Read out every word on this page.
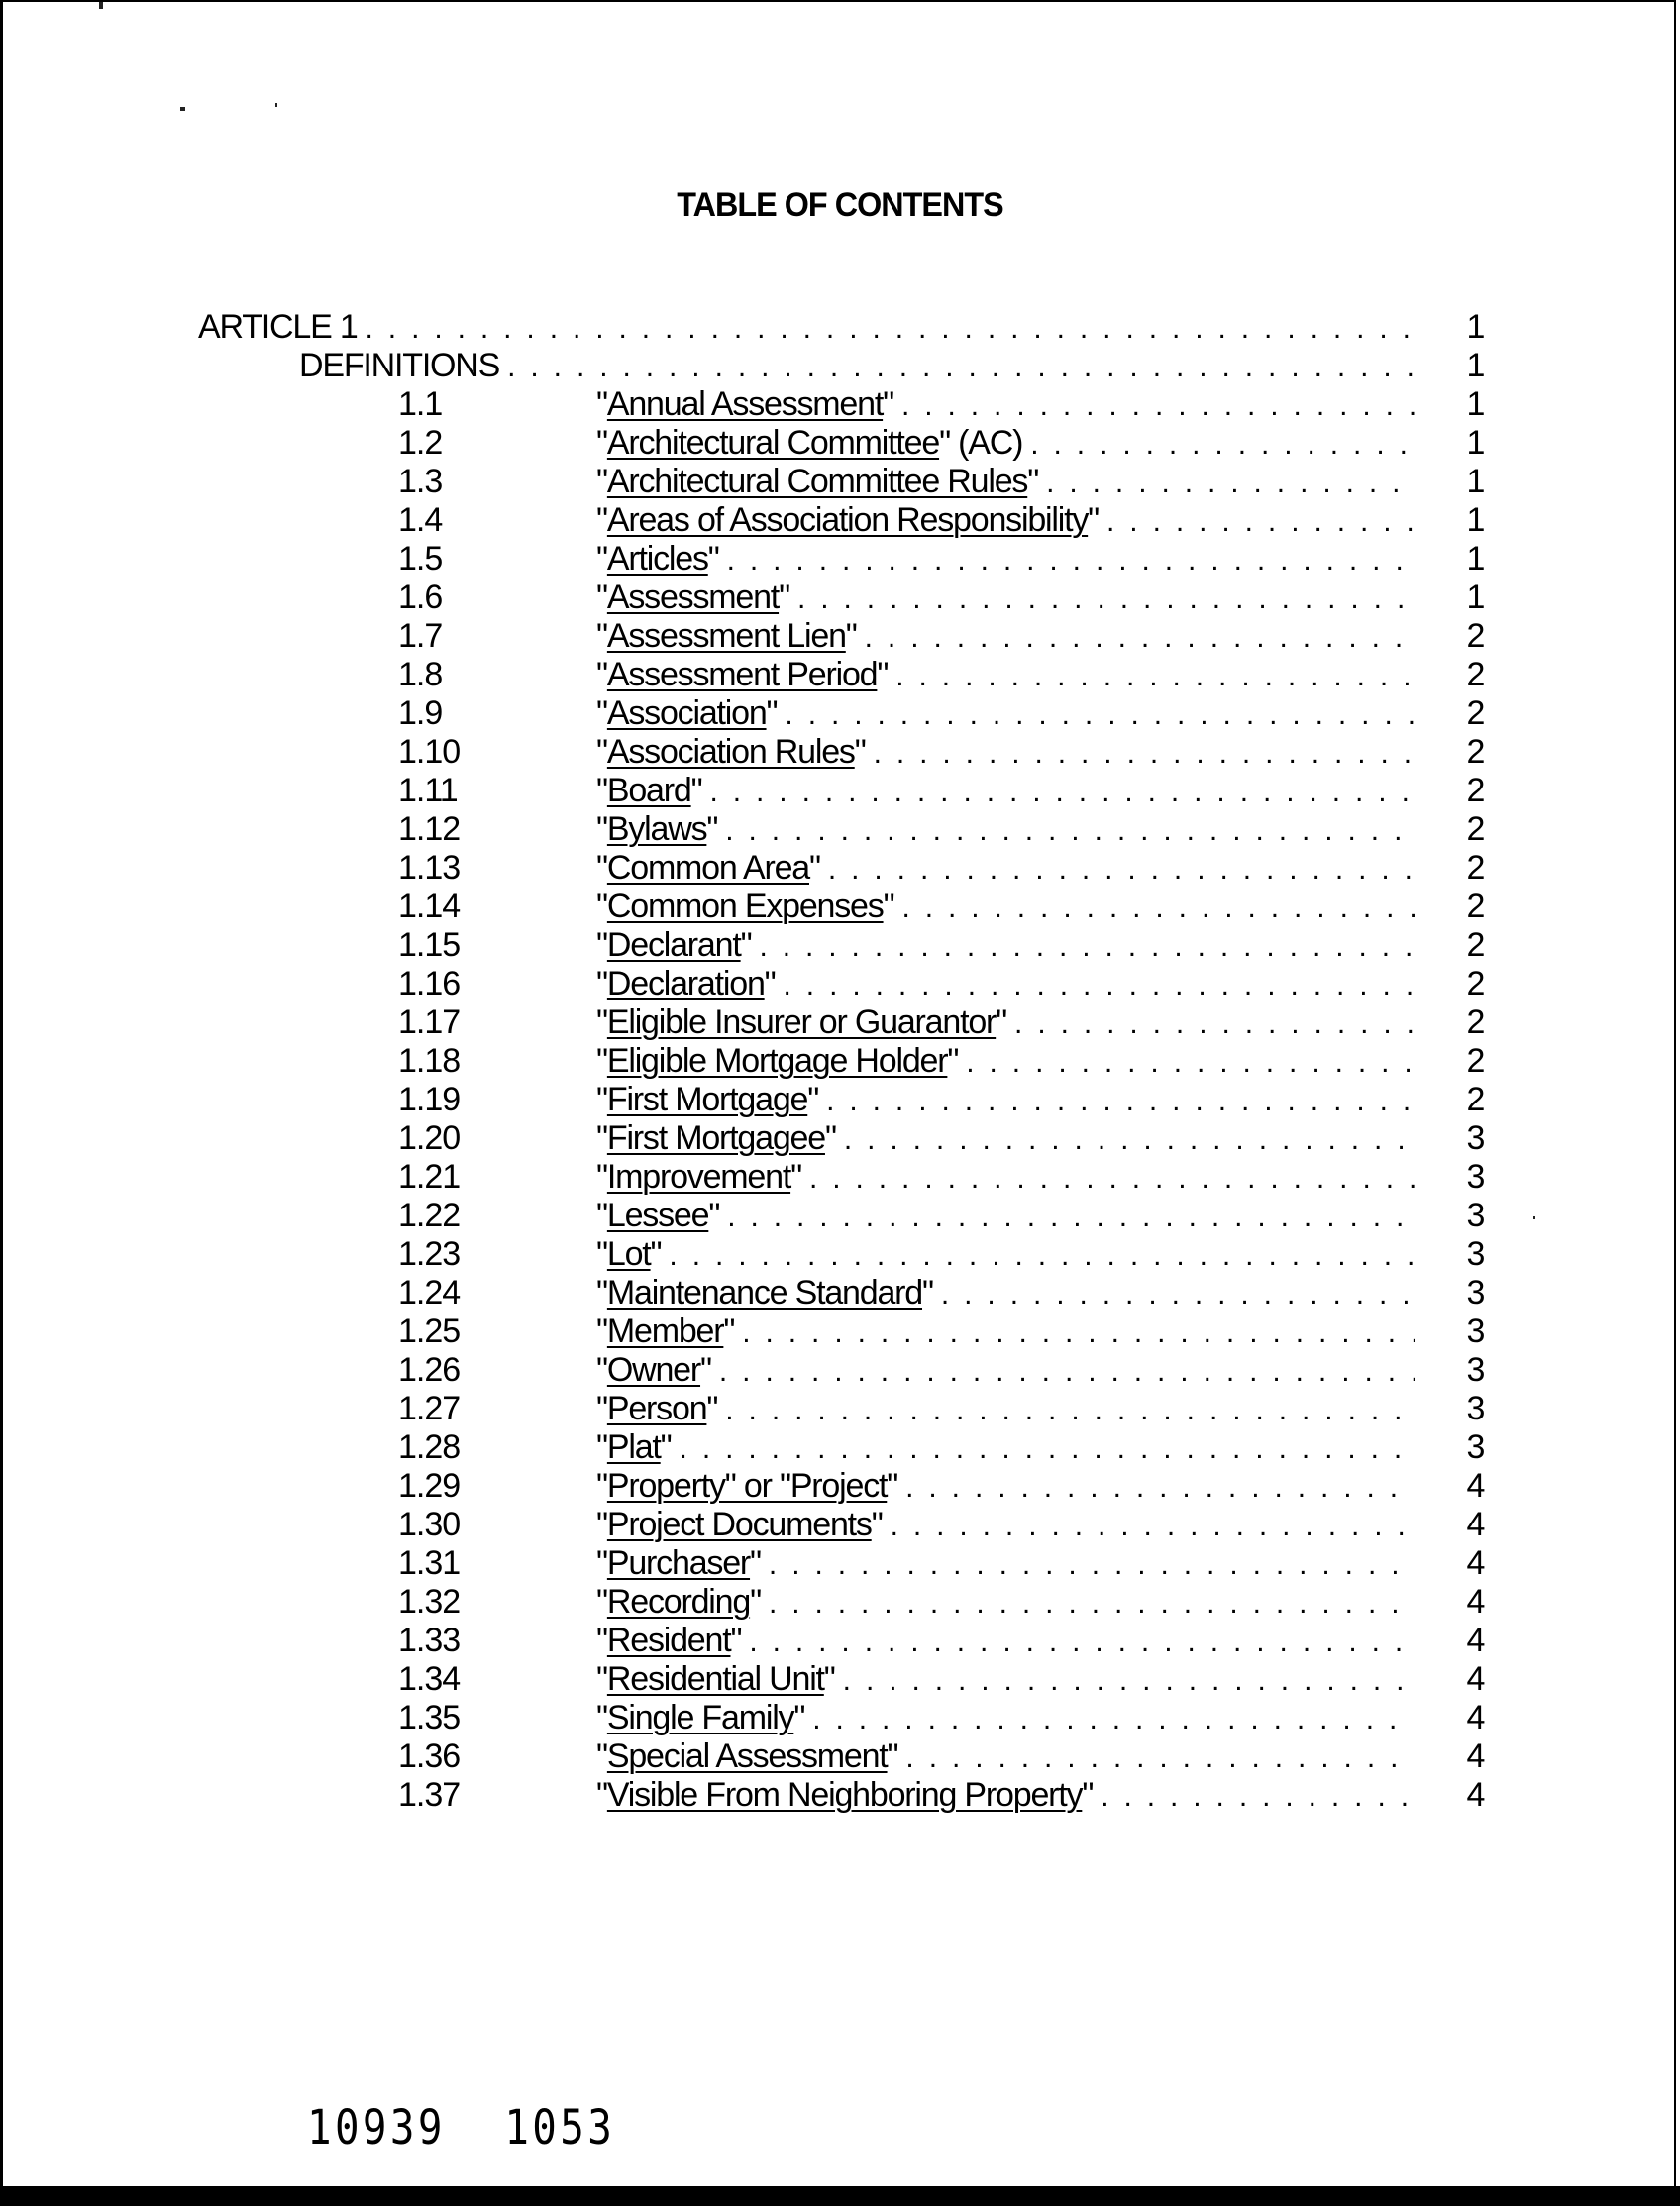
TABLE OF CONTENTS
ARTICLE 1 . . .	1
DEFINITIONS . . .	1
1.1	"Annual Assessment" . . .	1
1.2	"Architectural Committee" (AC) . . .	1
1.3	"Architectural Committee Rules" . . .	1
1.4	"Areas of Association Responsibility" . . .	1
1.5	"Articles" . . .	1
1.6	"Assessment" . . .	1
1.7	"Assessment Lien" . . .	2
1.8	"Assessment Period" . . .	2
1.9	"Association" . . .	2
1.10	"Association Rules" . . .	2
1.11	"Board" . . .	2
1.12	"Bylaws" . . .	2
1.13	"Common Area" . . .	2
1.14	"Common Expenses" . . .	2
1.15	"Declarant" . . .	2
1.16	"Declaration" . . .	2
1.17	"Eligible Insurer or Guarantor" . . .	2
1.18	"Eligible Mortgage Holder" . . .	2
1.19	"First Mortgage" . . .	2
1.20	"First Mortgagee" . . .	3
1.21	"Improvement" . . .	3
1.22	"Lessee" . . .	3
1.23	"Lot" . . .	3
1.24	"Maintenance Standard" . . .	3
1.25	"Member" . . .	3
1.26	"Owner" . . .	3
1.27	"Person" . . .	3
1.28	"Plat" . . .	3
1.29	"Property" or "Project" . . .	4
1.30	"Project Documents" . . .	4
1.31	"Purchaser" . . .	4
1.32	"Recording" . . .	4
1.33	"Resident" . . .	4
1.34	"Residential Unit" . . .	4
1.35	"Single Family" . . .	4
1.36	"Special Assessment" . . .	4
1.37	"Visible From Neighboring Property" . . .	4
10939 1053
